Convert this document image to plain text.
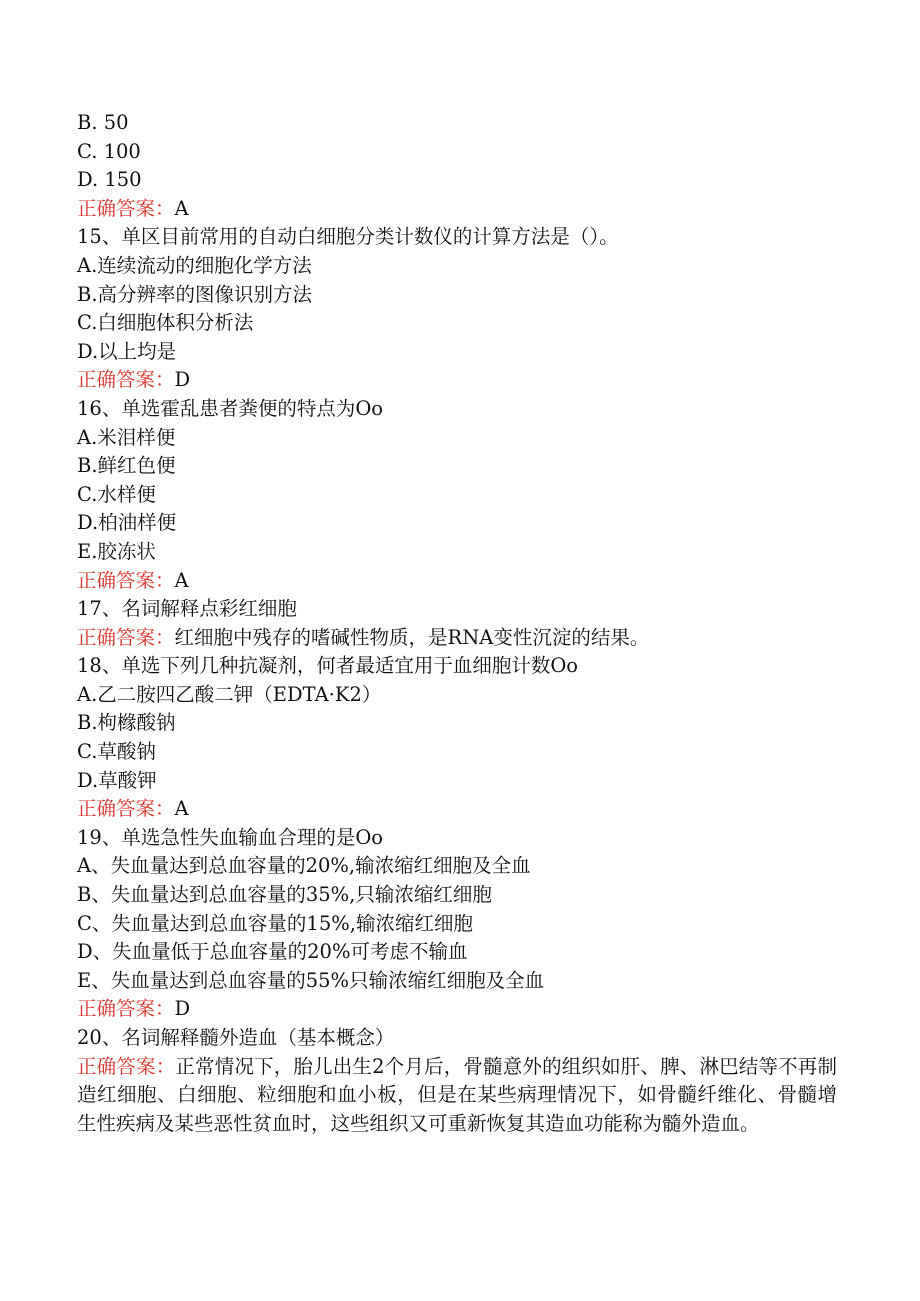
B. 50
C. 100
D. 150
正确答案：A
15、单区目前常用的自动白细胞分类计数仪的计算方法是（）。
A.连续流动的细胞化学方法
B.高分辨率的图像识别方法
C.白细胞体积分析法
D.以上均是
正确答案：D
16、单选霍乱患者粪便的特点为Oo
A.米泪样便
B.鲜红色便
C.水样便
D.柏油样便
E.胶冻状
正确答案：A
17、名词解释点彩红细胞
正确答案：红细胞中残存的嗜碱性物质，是RNA变性沉淀的结果。
18、单选下列几种抗凝剂，何者最适宜用于血细胞计数Oo
A.乙二胺四乙酸二钾（EDTA·K2）
B.枸橼酸钠
C.草酸钠
D.草酸钾
正确答案：A
19、单选急性失血输血合理的是Oo
A、失血量达到总血容量的20%,输浓缩红细胞及全血
B、失血量达到总血容量的35%,只输浓缩红细胞
C、失血量达到总血容量的15%,输浓缩红细胞
D、失血量低于总血容量的20%可考虑不输血
E、失血量达到总血容量的55%只输浓缩红细胞及全血
正确答案：D
20、名词解释髓外造血（基本概念）
正确答案：正常情况下，胎儿出生2个月后，骨髓意外的组织如肝、脾、淋巴结等不再制造红细胞、白细胞、粒细胞和血小板，但是在某些病理情况下，如骨髓纤维化、骨髓增生性疾病及某些恶性贫血时，这些组织又可重新恢复其造血功能称为髓外造血。
